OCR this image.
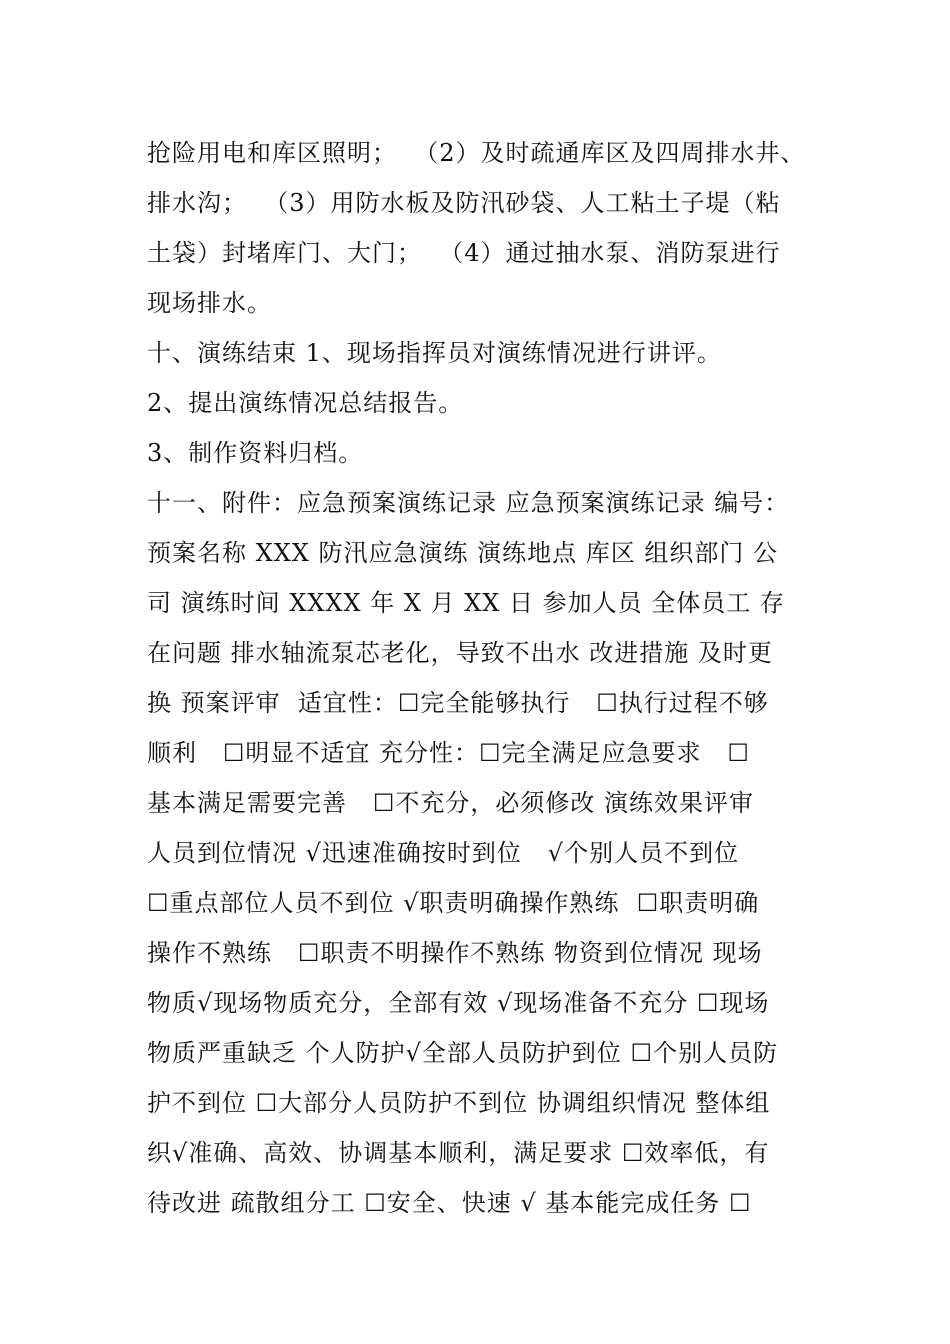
抢险用电和库区照明；  （2）及时疏通库区及四周排水井、
排水沟；  （3）用防水板及防汛砂袋、人工粘土子堤（粘
土袋）封堵库门、大门；  （4）通过抽水泵、消防泵进行
现场排水。
十、演练结束 1、现场指挥员对演练情况进行讲评。
2、提出演练情况总结报告。
3、制作资料归档。
十一、附件：应急预案演练记录 应急预案演练记录 编号：
预案名称 XXX 防汛应急演练 演练地点 库区 组织部门 公
司 演练时间 XXXX 年 X 月 XX 日 参加人员 全体员工 存
在问题 排水轴流泵芯老化，导致不出水 改进措施 及时更
换 预案评审  适宜性：☐完全能够执行   ☐执行过程不够
顺利   ☐明显不适宜 充分性：☐完全满足应急要求   ☐
基本满足需要完善   ☐不充分，必须修改 演练效果评审
人员到位情况 √迅速准确按时到位   √个别人员不到位
☐重点部位人员不到位 √职责明确操作熟练  ☐职责明确
操作不熟练   ☐职责不明操作不熟练 物资到位情况 现场
物质√现场物质充分，全部有效 √现场准备不充分 ☐现场
物质严重缺乏 个人防护√全部人员防护到位 ☐个别人员防
护不到位 ☐大部分人员防护不到位 协调组织情况 整体组
织√准确、高效、协调基本顺利，满足要求 ☐效率低，有
待改进 疏散组分工 ☐安全、快速 √ 基本能完成任务 ☐
